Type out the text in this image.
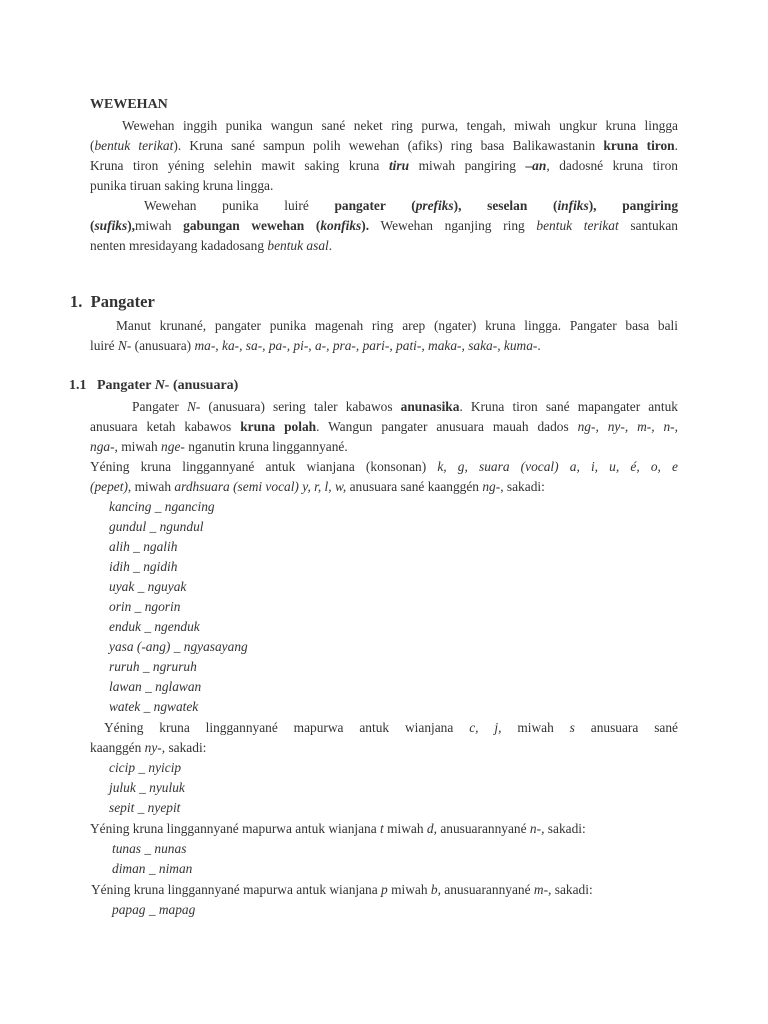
WEWEHAN
Wewehan inggih punika wangun sané neket ring purwa, tengah, miwah ungkur kruna lingga
(bentuk terikat). Kruna sané sampun polih wewehan (afiks) ring basa Balikawastanin kruna tiron.
Kruna tiron yéning selehin mawit saking kruna tiru miwah pangiring –an, dadosné kruna tiron
punika tiruan saking kruna lingga.
Wewehan punika luiré pangater (prefiks), seselan (infiks), pangiring
(sufiks),miwah gabungan wewehan (konfiks). Wewehan nganjing ring bentuk terikat santukan
nenten mresidayang kadadosang bentuk asal.
1. Pangater
Manut krunané, pangater punika magenah ring arep (ngater) kruna lingga. Pangater basa bali
luiré N- (anusuara) ma-, ka-, sa-, pa-, pi-, a-, pra-, pari-, pati-, maka-, saka-, kuma-.
1.1 Pangater N- (anusuara)
Pangater N- (anusuara) sering taler kabawos anunasika. Kruna tiron sané mapangater antuk
anusuara ketah kabawos kruna polah. Wangun pangater anusuara mauah dados ng-, ny-, m-, n-,
nga-, miwah nge- nganutin kruna linggannyané.
Yéning kruna linggannyané antuk wianjana (konsonan) k, g, suara (vocal) a, i, u, é, o, e
(pepet), miwah ardhsuara (semi vocal) y, r, l, w, anusuara sané kaanggén ng-, sakadi:
kancing _ ngancing
gundul _ ngundul
alih _ ngalih
idih _ ngidih
uyak _ nguyak
orin _ ngorin
enduk _ ngenduk
yasa (-ang) _ ngyasayang
ruruh _ ngruruh
lawan _ nglawan
watek _ ngwatek
Yéning kruna linggannyané mapurwa antuk wianjana c, j, miwah s anusuara sané
kaanggén ny-, sakadi:
cicip _ nyicip
juluk _ nyuluk
sepit _ nyepit
Yéning kruna linggannyané mapurwa antuk wianjana t miwah d, anusuarannyané n-, sakadi:
tunas _ nunas
diman _ niman
Yéning kruna linggannyané mapurwa antuk wianjana p miwah b, anusuarannyané m-, sakadi:
papag _ mapag
